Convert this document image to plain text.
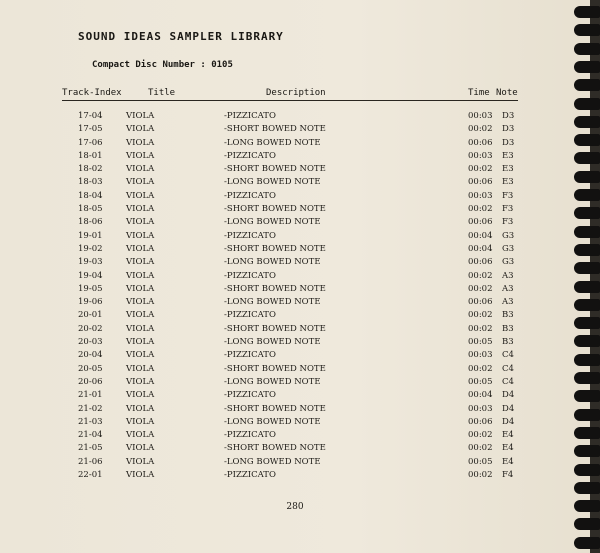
SOUND IDEAS SAMPLER LIBRARY
Compact Disc Number : 0105
Track-Index	Title	Description	Time Note
17-04	VIOLA	-PIZZICATO	00:03 D3
17-05	VIOLA	-SHORT BOWED NOTE	00:02 D3
17-06	VIOLA	-LONG BOWED NOTE	00:06 D3
18-01	VIOLA	-PIZZICATO	00:03 E3
18-02	VIOLA	-SHORT BOWED NOTE	00:02 E3
18-03	VIOLA	-LONG BOWED NOTE	00:06 E3
18-04	VIOLA	-PIZZICATO	00:03 F3
18-05	VIOLA	-SHORT BOWED NOTE	00:02 F3
18-06	VIOLA	-LONG BOWED NOTE	00:06 F3
19-01	VIOLA	-PIZZICATO	00:04 G3
19-02	VIOLA	-SHORT BOWED NOTE	00:04 G3
19-03	VIOLA	-LONG BOWED NOTE	00:06 G3
19-04	VIOLA	-PIZZICATO	00:02 A3
19-05	VIOLA	-SHORT BOWED NOTE	00:02 A3
19-06	VIOLA	-LONG BOWED NOTE	00:06 A3
20-01	VIOLA	-PIZZICATO	00:02 B3
20-02	VIOLA	-SHORT BOWED NOTE	00:02 B3
20-03	VIOLA	-LONG BOWED NOTE	00:05 B3
20-04	VIOLA	-PIZZICATO	00:03 C4
20-05	VIOLA	-SHORT BOWED NOTE	00:02 C4
20-06	VIOLA	-LONG BOWED NOTE	00:05 C4
21-01	VIOLA	-PIZZICATO	00:04 D4
21-02	VIOLA	-SHORT BOWED NOTE	00:03 D4
21-03	VIOLA	-LONG BOWED NOTE	00:06 D4
21-04	VIOLA	-PIZZICATO	00:02 E4
21-05	VIOLA	-SHORT BOWED NOTE	00:02 E4
21-06	VIOLA	-LONG BOWED NOTE	00:05 E4
22-01	VIOLA	-PIZZICATO	00:02 F4
280
